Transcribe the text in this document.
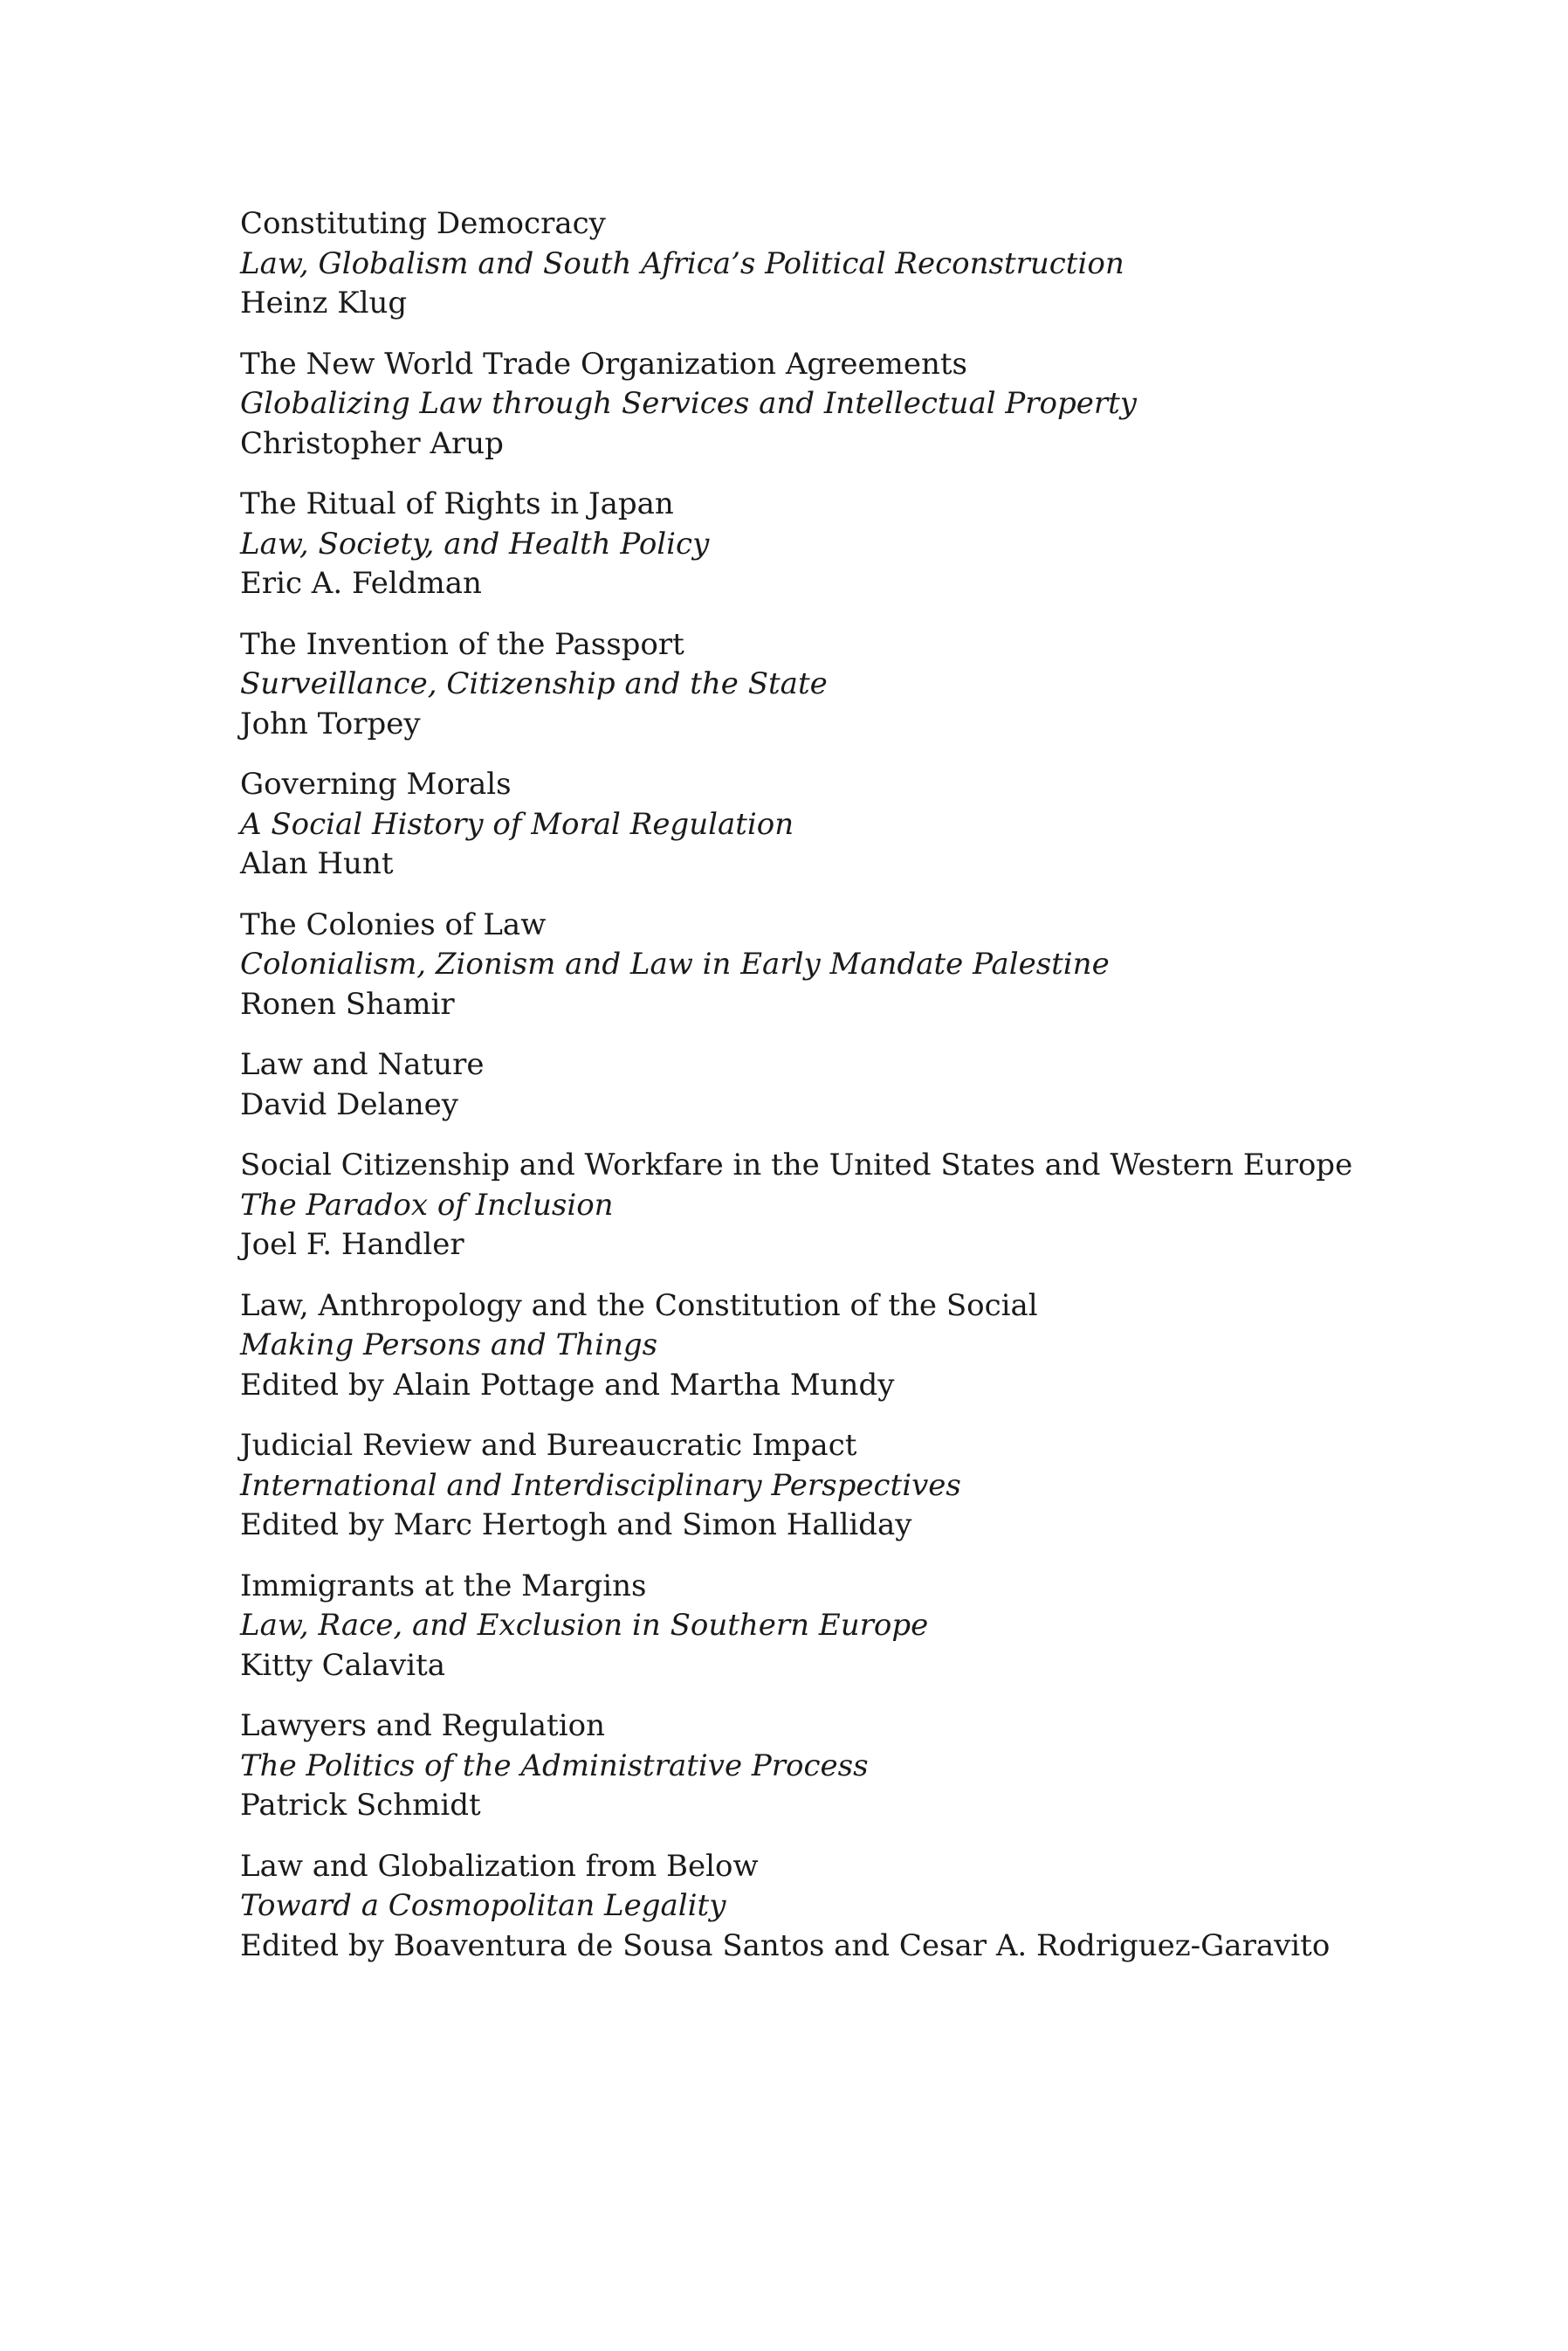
Constituting Democracy
Law, Globalism and South Africa’s Political Reconstruction
Heinz Klug
The New World Trade Organization Agreements
Globalizing Law through Services and Intellectual Property
Christopher Arup
The Ritual of Rights in Japan
Law, Society, and Health Policy
Eric A. Feldman
The Invention of the Passport
Surveillance, Citizenship and the State
John Torpey
Governing Morals
A Social History of Moral Regulation
Alan Hunt
The Colonies of Law
Colonialism, Zionism and Law in Early Mandate Palestine
Ronen Shamir
Law and Nature
David Delaney
Social Citizenship and Workfare in the United States and Western Europe
The Paradox of Inclusion
Joel F. Handler
Law, Anthropology and the Constitution of the Social
Making Persons and Things
Edited by Alain Pottage and Martha Mundy
Judicial Review and Bureaucratic Impact
International and Interdisciplinary Perspectives
Edited by Marc Hertogh and Simon Halliday
Immigrants at the Margins
Law, Race, and Exclusion in Southern Europe
Kitty Calavita
Lawyers and Regulation
The Politics of the Administrative Process
Patrick Schmidt
Law and Globalization from Below
Toward a Cosmopolitan Legality
Edited by Boaventura de Sousa Santos and Cesar A. Rodriguez-Garavito
